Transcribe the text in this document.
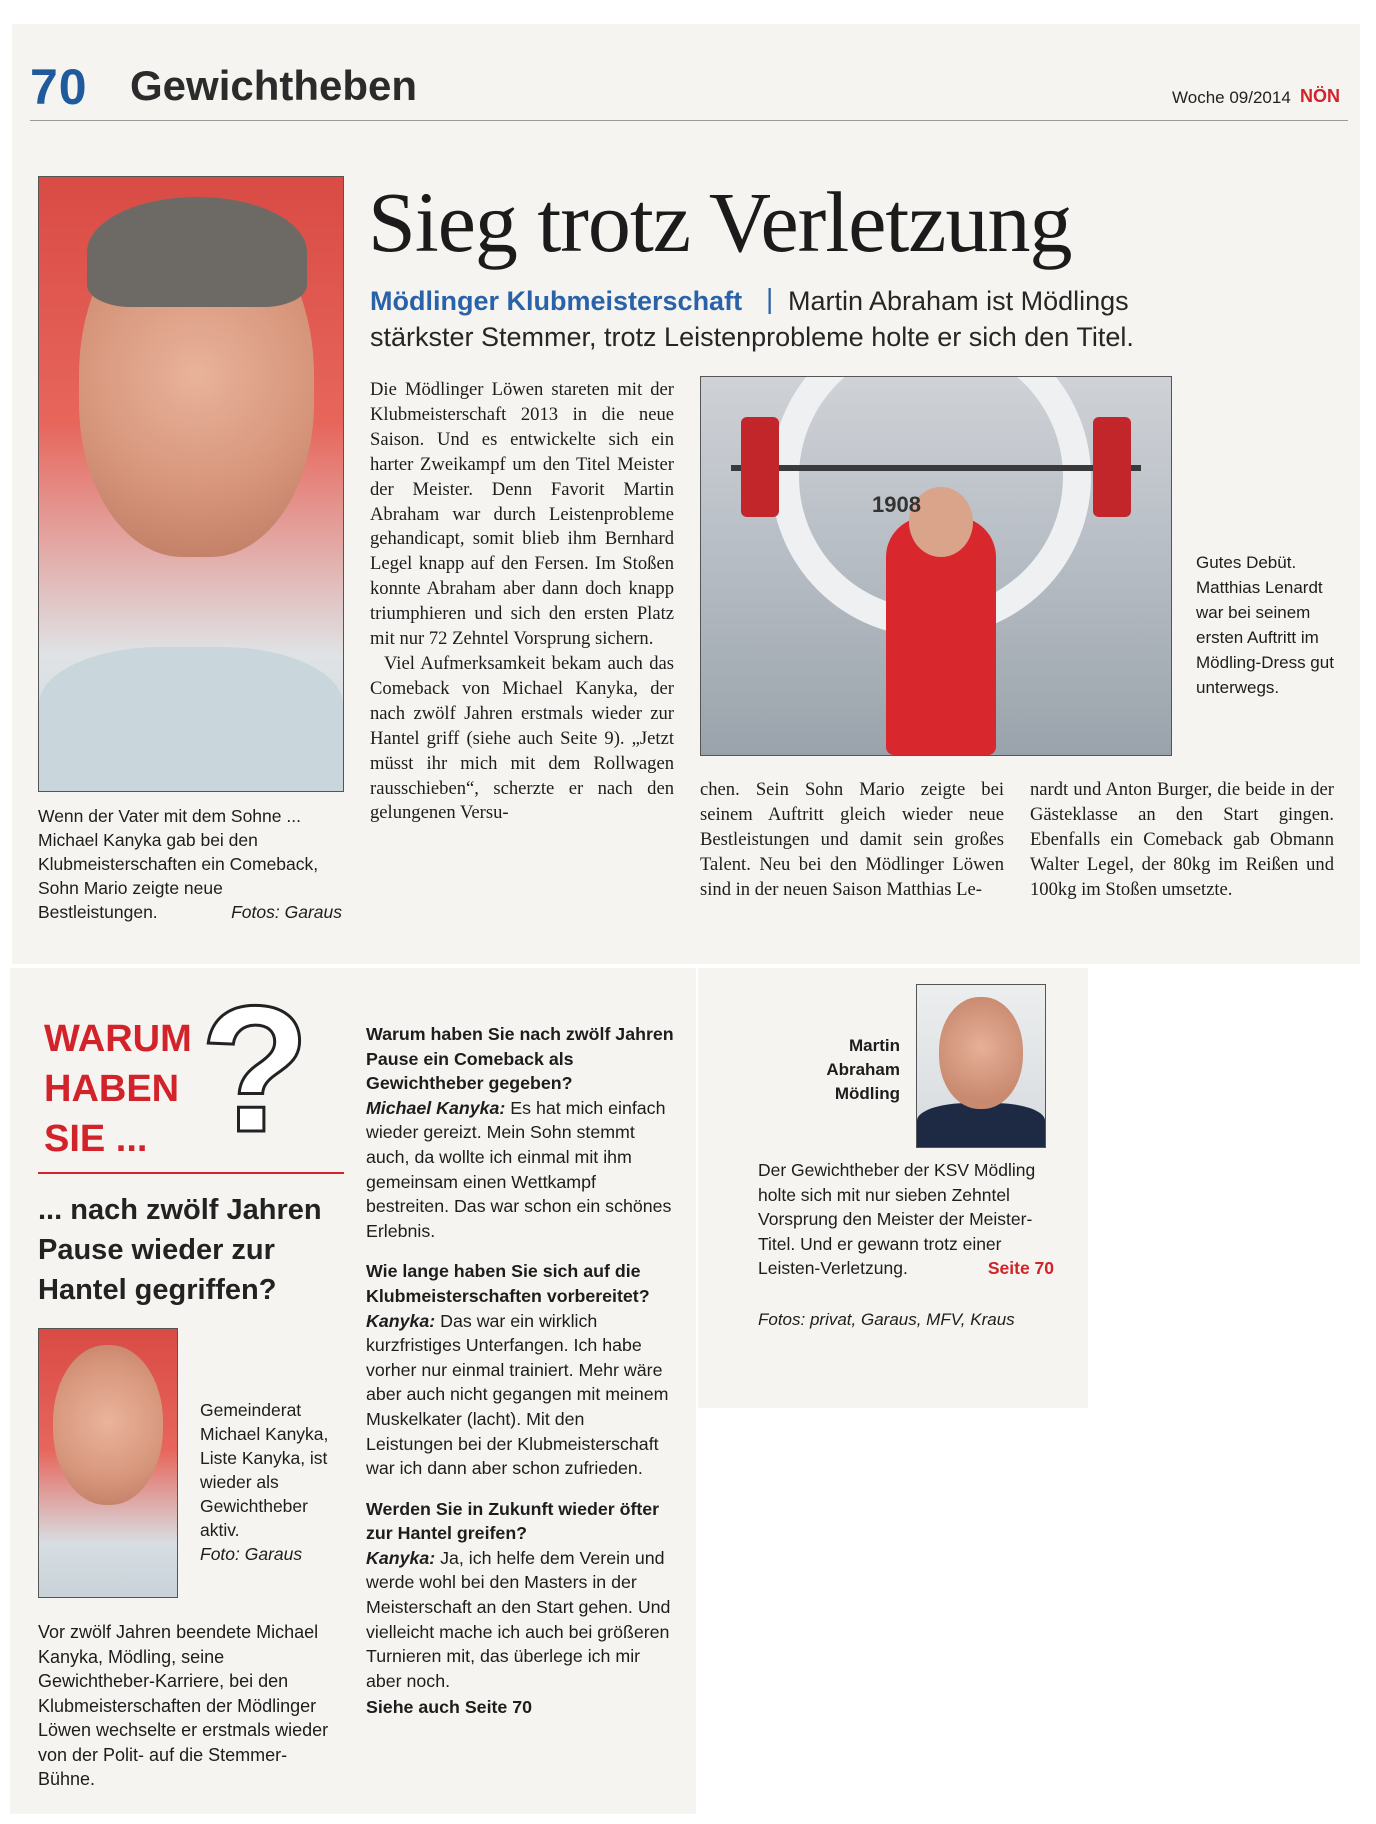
70 Gewichtheben	Woche 09/2014 NÖN
Sieg trotz Verletzung
Mödlinger Klubmeisterschaft | Martin Abraham ist Mödlings
stärkster Stemmer, trotz Leistenprobleme holte er sich den Titel.

Die Mödlinger Löwen stareten mit der Klubmeisterschaft 2013 in die neue Saison. Und es entwickelte sich ein harter Zweikampf um den Titel Meister der Meister. Denn Favorit Martin Abraham war durch Leistenprobleme gehandicapt, somit blieb ihm Bernhard Legel knapp auf den Fersen. Im Stoßen konnte Abraham aber dann doch knapp triumphieren und sich den ersten Platz mit nur 72 Zehntel Vorsprung sichern.

Viel Aufmerksamkeit bekam auch das Comeback von Michael Kanyka, der nach zwölf Jahren erstmals wieder zur Hantel griff (siehe auch Seite 9). „Jetzt müsst ihr mich mit dem Rollwagen rausschieben“, scherzte er nach den gelungenen Versu-

1908
Gutes Debüt. Matthias Lenardt war bei seinem ersten Auftritt im Mödling-Dress gut unterwegs.

chen. Sein Sohn Mario zeigte bei seinem Auftritt gleich wieder neue Bestleistungen und damit sein großes Talent. Neu bei den Mödlinger Löwen sind in der neuen Saison Matthias Le-

nardt und Anton Burger, die beide in der Gästeklasse an den Start gingen. Ebenfalls ein Comeback gab Obmann Walter Legel, der 80kg im Reißen und 100kg im Stoßen umsetzte.

Wenn der Vater mit dem Sohne ... Michael Kanyka gab bei den Klubmeisterschaften ein Comeback, Sohn Mario zeigte neue Bestleistungen.	Fotos: Garaus
WARUM
HABEN
SIE ... ?
... nach zwölf Jahren Pause wieder zur Hantel gegriffen?
Gemeinderat Michael Kanyka, Liste Kanyka, ist wieder als Gewichtheber aktiv.
Foto: Garaus
Vor zwölf Jahren beendete Michael Kanyka, Mödling, seine Gewichtheber-Karriere, bei den Klubmeisterschaften der Mödlinger Löwen wechselte er erstmals wieder von der Polit- auf die Stemmer-Bühne.
Warum haben Sie nach zwölf Jahren Pause ein Comeback als Gewichtheber gegeben?
Michael Kanyka: Es hat mich einfach wieder gereizt. Mein Sohn stemmt auch, da wollte ich einmal mit ihm gemeinsam einen Wettkampf bestreiten. Das war schon ein schönes Erlebnis.
Wie lange haben Sie sich auf die Klubmeisterschaften vorbereitet?
Kanyka: Das war ein wirklich kurzfristiges Unterfangen. Ich habe vorher nur einmal trainiert. Mehr wäre aber auch nicht gegangen mit meinem Muskelkater (lacht). Mit den Leistungen bei der Klubmeisterschaft war ich dann aber schon zufrieden.
Werden Sie in Zukunft wieder öfter zur Hantel greifen?
Kanyka: Ja, ich helfe dem Verein und werde wohl bei den Masters in der Meisterschaft an den Start gehen. Und vielleicht mache ich auch bei größeren Turnieren mit, das überlege ich mir aber noch.
Siehe auch Seite 70
Martin
Abraham
Mödling
Der Gewichtheber der KSV Mödling holte sich mit nur sieben Zehntel Vorsprung den Meister der Meister-Titel. Und er gewann trotz einer Leisten-Verletzung.	Seite 70
Fotos: privat, Garaus, MFV, Kraus
